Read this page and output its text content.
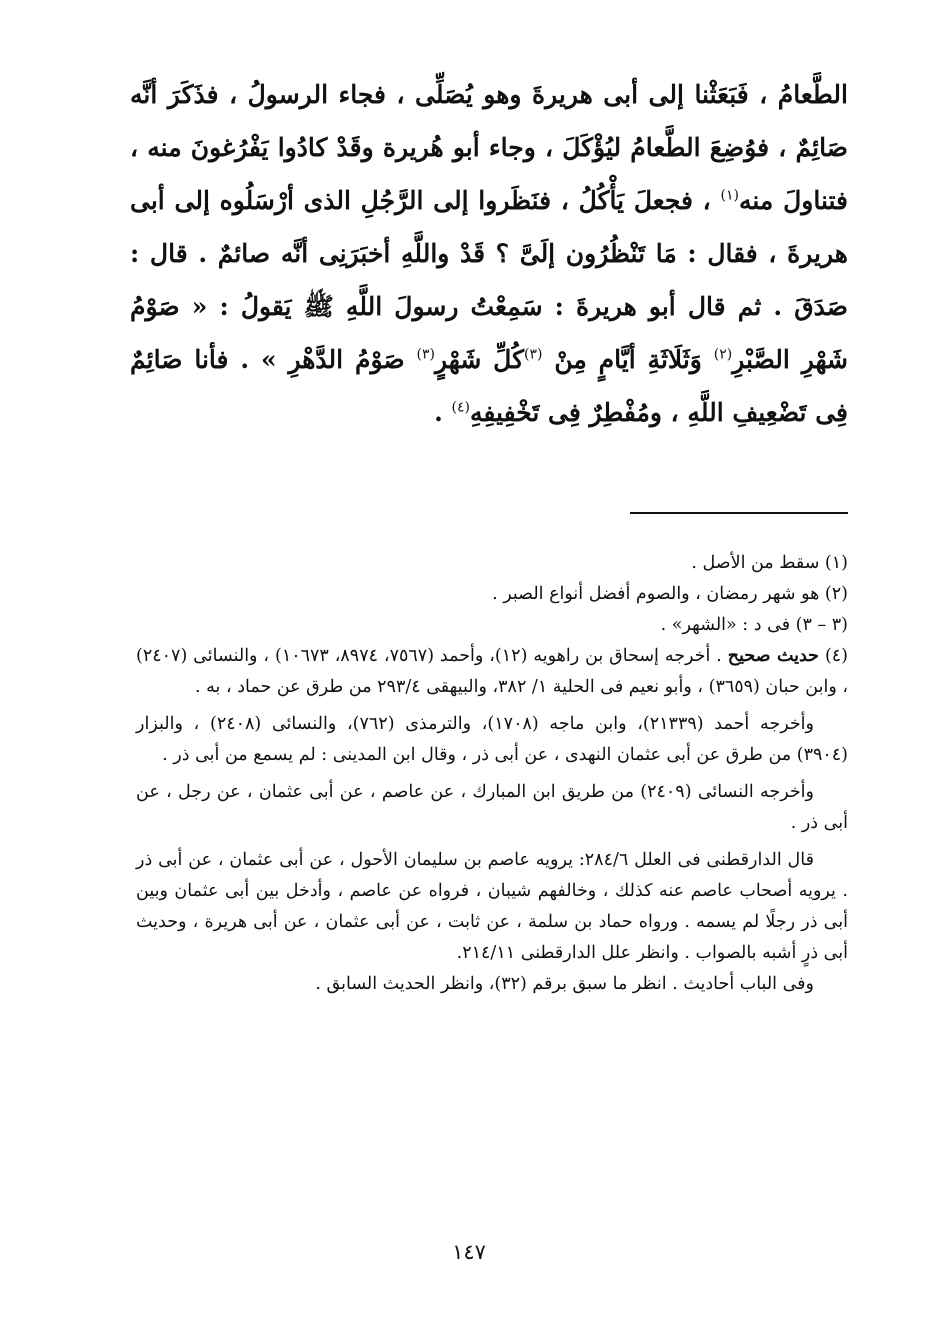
الطَّعامُ ، فَبَعَثْنا إلى أبى هريرةَ وهو يُصَلِّى ، فجاء الرسولُ ، فذَكَرَ أنَّه صَائِمٌ ، فوُضِعَ الطَّعامُ ليُؤْكَلَ ، وجاء أبو هُريرة وقَدْ كادُوا يَفْرُغونَ منه ، فتناولَ منه$^{(١)}$ ، فجعلَ يَأْكُلُ ، فنَظَروا إلى الرَّجُلِ الذى أرْسَلُوه إلى أبى هريرةَ ، فقال : مَا تَنْظُرُون إلَىَّ ؟ قَدْ واللَّهِ أخبَرَنِى أنَّه صائمٌ . قال : صَدَقَ . ثم قال أبو هريرةَ : سَمِعْتُ رسولَ اللَّهِ ﷺ يَقولُ : « صَوْمُ شَهْرِ الصَّبْرِ$^{(٢)}$ وَثَلَاثَةِ أيَّامٍ مِنْ $^{(٣)}$كُلِّ شَهْرٍ$^{(٣)}$ صَوْمُ الدَّهْرِ » . فأنا صَائِمٌ فِى تَضْعِيفِ اللَّهِ ، ومُفْطِرٌ فِى تَخْفِيفِهِ$^{(٤)}$ .

(١) سقط من الأصل .

(٢) هو شهر رمضان ، والصوم أفضل أنواع الصبر .

(٣ – ٣) فى د : «الشهر» .

(٤) حديث صحيح . أخرجه إسحاق بن راهويه (١٢)، وأحمد (٧٥٦٧، ٨٩٧٤، ١٠٦٧٣) ، والنسائى (٢٤٠٧) ، وابن حبان (٣٦٥٩) ، وأبو نعيم فى الحلية ١/ ٣٨٢، والبيهقى ٢٩٣/٤ من طرق عن حماد ، به .

وأخرجه أحمد (٢١٣٣٩)، وابن ماجه (١٧٠٨)، والترمذى (٧٦٢)، والنسائى (٢٤٠٨) ، والبزار (٣٩٠٤) من طرق عن أبى عثمان النهدى ، عن أبى ذر ، وقال ابن المدينى : لم يسمع من أبى ذر .

وأخرجه النسائى (٢٤٠٩) من طريق ابن المبارك ، عن عاصم ، عن أبى عثمان ، عن رجل ، عن أبى ذر .

قال الدارقطنى فى العلل ٢٨٤/٦: يرويه عاصم بن سليمان الأحول ، عن أبى عثمان ، عن أبى ذر . يرويه أصحاب عاصم عنه كذلك ، وخالفهم شيبان ، فرواه عن عاصم ، وأدخل بين أبى عثمان وبين أبى ذر رجلًا لم يسمه . ورواه حماد بن سلمة ، عن ثابت ، عن أبى عثمان ، عن أبى هريرة ، وحديث أبى ذرٍ أشبه بالصواب . وانظر علل الدارقطنى ٢١٤/١١.

وفى الباب أحاديث . انظر ما سبق برقم (٣٢)، وانظر الحديث السابق .

١٤٧
